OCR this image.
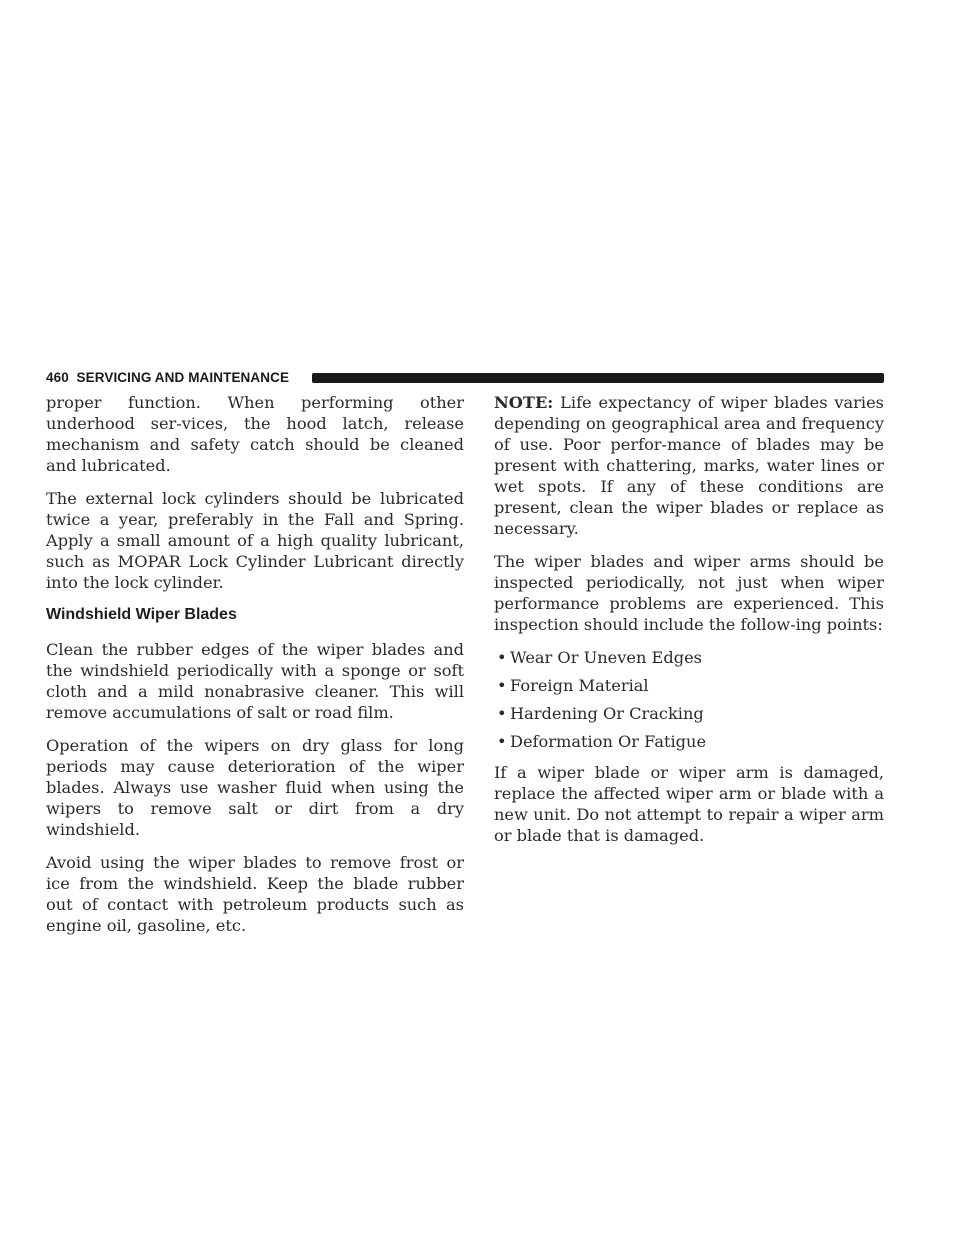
460 SERVICING AND MAINTENANCE

proper function. When performing other underhood ser-vices, the hood latch, release mechanism and safety catch should be cleaned and lubricated.

The external lock cylinders should be lubricated twice a year, preferably in the Fall and Spring. Apply a small amount of a high quality lubricant, such as MOPAR Lock Cylinder Lubricant directly into the lock cylinder.

Windshield Wiper Blades

Clean the rubber edges of the wiper blades and the windshield periodically with a sponge or soft cloth and a mild nonabrasive cleaner. This will remove accumulations of salt or road film.

Operation of the wipers on dry glass for long periods may cause deterioration of the wiper blades. Always use washer fluid when using the wipers to remove salt or dirt from a dry windshield.

Avoid using the wiper blades to remove frost or ice from the windshield. Keep the blade rubber out of contact with petroleum products such as engine oil, gasoline, etc.

NOTE: Life expectancy of wiper blades varies depending on geographical area and frequency of use. Poor perfor-mance of blades may be present with chattering, marks, water lines or wet spots. If any of these conditions are present, clean the wiper blades or replace as necessary.

The wiper blades and wiper arms should be inspected periodically, not just when wiper performance problems are experienced. This inspection should include the follow-ing points:

• Wear Or Uneven Edges
• Foreign Material
• Hardening Or Cracking
• Deformation Or Fatigue

If a wiper blade or wiper arm is damaged, replace the affected wiper arm or blade with a new unit. Do not attempt to repair a wiper arm or blade that is damaged.
